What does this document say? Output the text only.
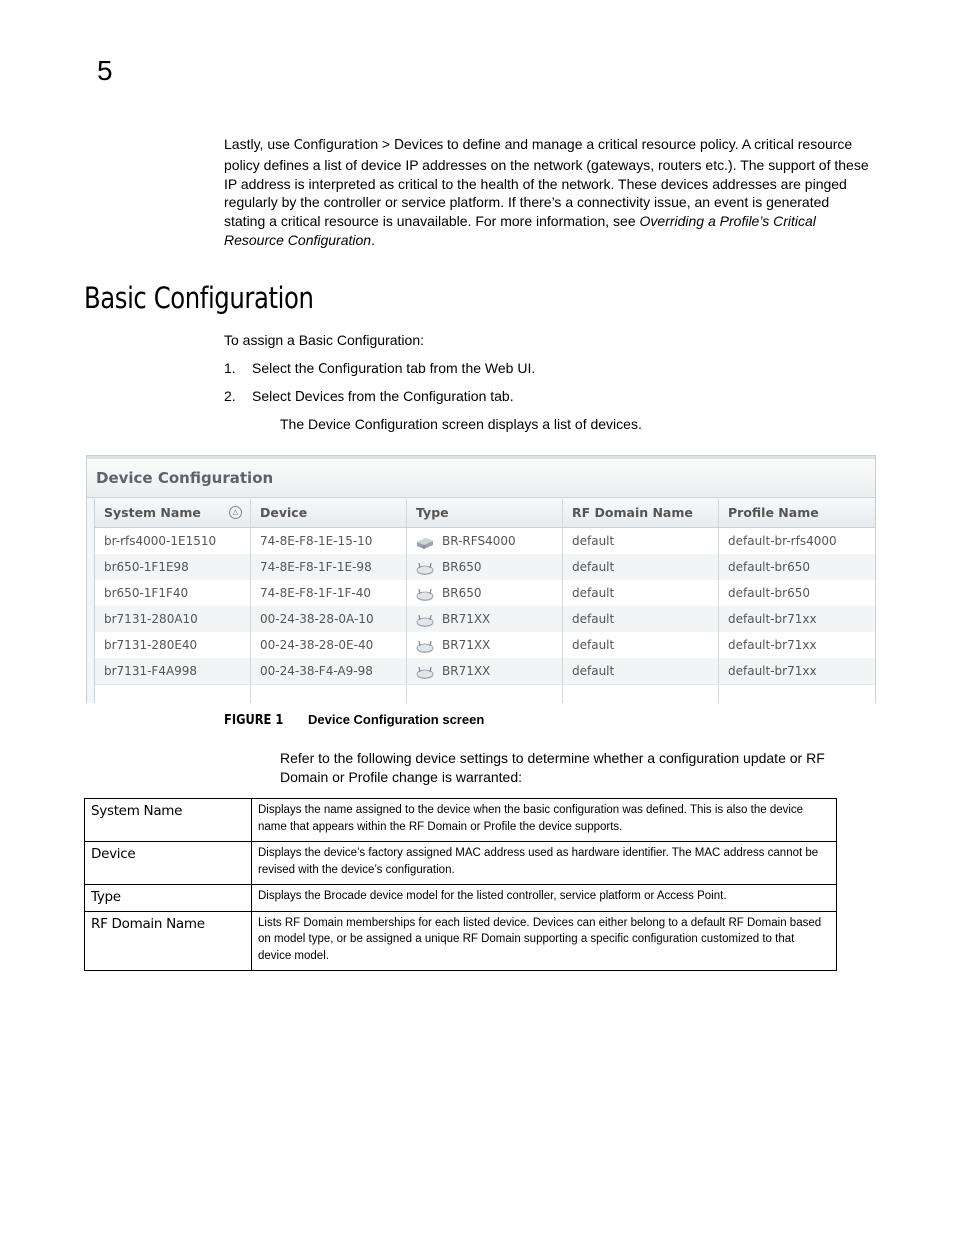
5

Lastly, use Configuration > Devices to define and manage a critical resource policy. A critical resource policy defines a list of device IP addresses on the network (gateways, routers etc.). The support of these IP address is interpreted as critical to the health of the network. These devices addresses are pinged regularly by the controller or service platform. If there’s a connectivity issue, an event is generated stating a critical resource is unavailable. For more information, see Overriding a Profile’s Critical Resource Configuration.

Basic Configuration
To assign a Basic Configuration:
1. Select the Configuration tab from the Web UI.
2. Select Devices from the Configuration tab.
The Device Configuration screen displays a list of devices.
Device Configuration
System Name	△	Device	Type	RF Domain Name	Profile Name
br-rfs4000-1E1510	74-8E-F8-1E-15-10	BR-RFS4000	default	default-br-rfs4000
br650-1F1E98	74-8E-F8-1F-1E-98	BR650	default	default-br650
br650-1F1F40	74-8E-F8-1F-1F-40	BR650	default	default-br650
br7131-280A10	00-24-38-28-0A-10	BR71XX	default	default-br71xx
br7131-280E40	00-24-38-28-0E-40	BR71XX	default	default-br71xx
br7131-F4A998	00-24-38-F4-A9-98	BR71XX	default	default-br71xx
FIGURE 1 Device Configuration screen
Refer to the following device settings to determine whether a configuration update or RF Domain or Profile change is warranted:
System Name	Displays the name assigned to the device when the basic configuration was defined. This is also the device name that appears within the RF Domain or Profile the device supports.
Device	Displays the device’s factory assigned MAC address used as hardware identifier. The MAC address cannot be revised with the device’s configuration.
Type	Displays the Brocade device model for the listed controller, service platform or Access Point.
RF Domain Name	Lists RF Domain memberships for each listed device. Devices can either belong to a default RF Domain based on model type, or be assigned a unique RF Domain supporting a specific configuration customized to that device model.
